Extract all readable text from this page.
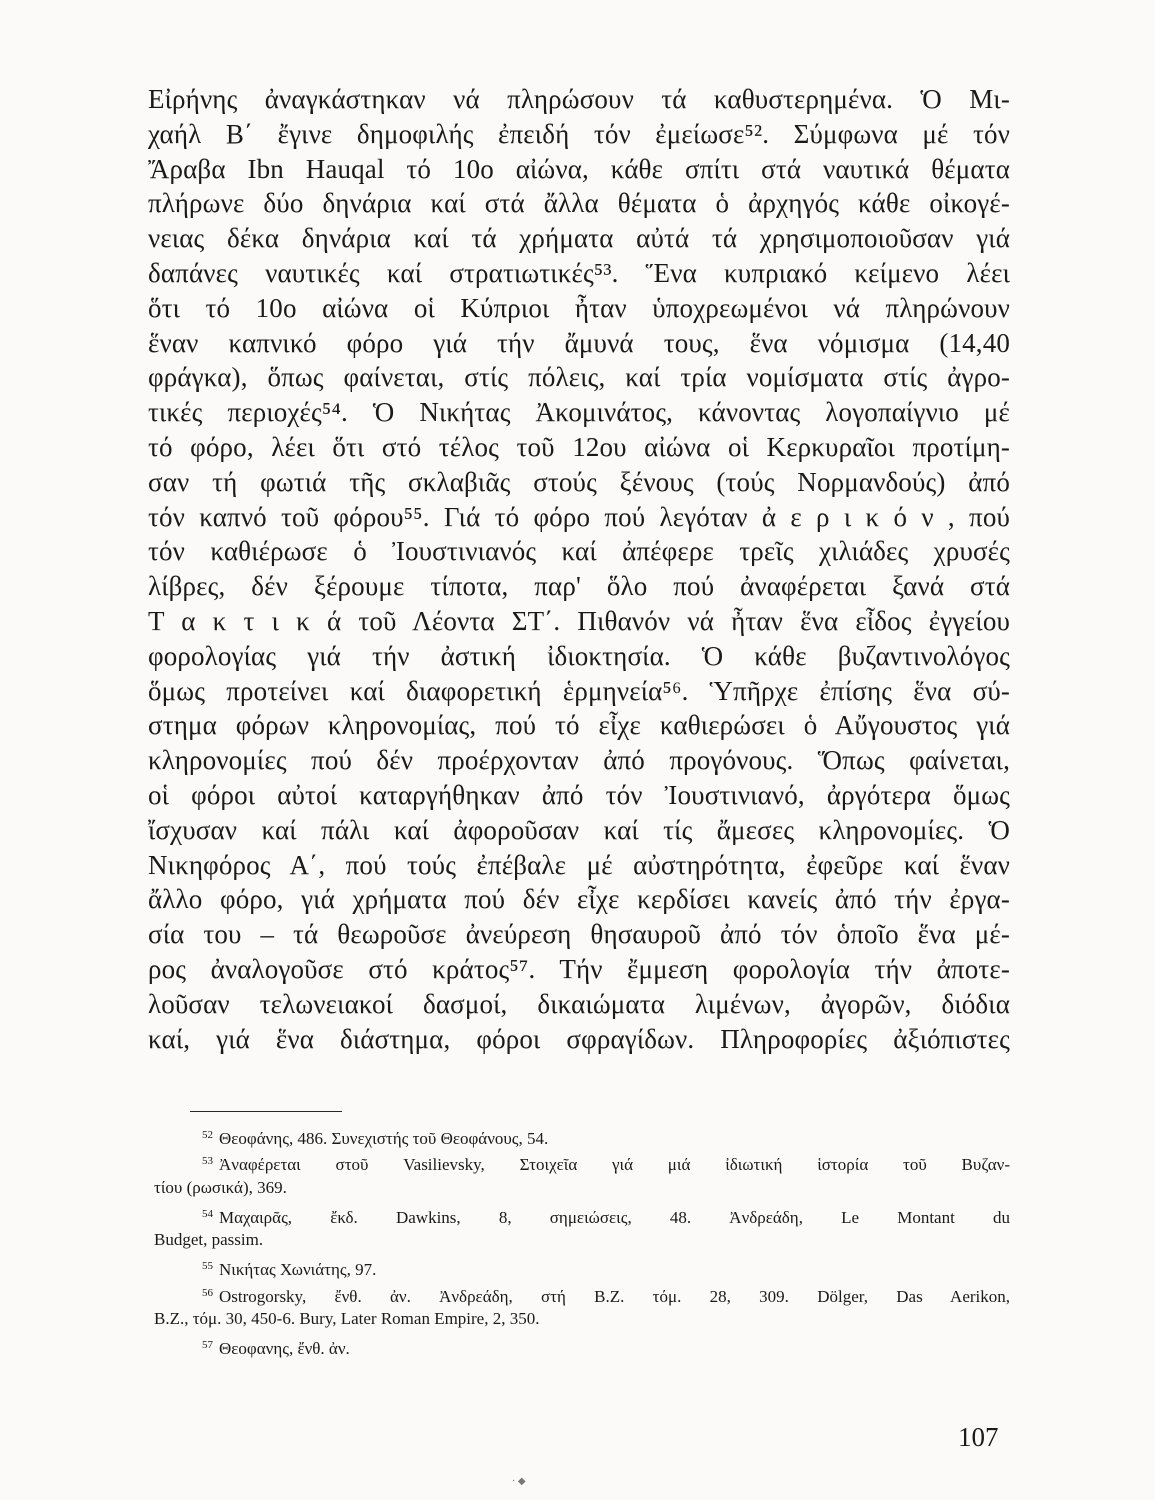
Εἰρήνης ἀναγκάστηκαν νά πληρώσουν τά καθυστερημένα. Ὁ Μι-
χαήλ Β΄ ἔγινε δημοφιλής ἐπειδή τόν ἐμείωσε⁵². Σύμφωνα μέ τόν
Ἄραβα Ibn Hauqal τό 10ο αἰώνα, κάθε σπίτι στά ναυτικά θέματα
πλήρωνε δύο δηνάρια καί στά ἄλλα θέματα ὁ ἀρχηγός κάθε οἰκογέ-
νειας δέκα δηνάρια καί τά χρήματα αὐτά τά χρησιμοποιοῦσαν γιά
δαπάνες ναυτικές καί στρατιωτικές⁵³. Ἕνα κυπριακό κείμενο λέει
ὅτι τό 10ο αἰώνα οἱ Κύπριοι ἦταν ὑποχρεωμένοι νά πληρώνουν
ἕναν καπνικό φόρο γιά τήν ἄμυνά τους, ἕνα νόμισμα (14,40
φράγκα), ὅπως φαίνεται, στίς πόλεις, καί τρία νομίσματα στίς ἀγρο-
τικές περιοχές⁵⁴. Ὁ Νικήτας Ἀκομινάτος, κάνοντας λογοπαίγνιο μέ
τό φόρο, λέει ὅτι στό τέλος τοῦ 12ου αἰώνα οἱ Κερκυραῖοι προτίμη-
σαν τή φωτιά τῆς σκλαβιᾶς στούς ξένους (τούς Νορμανδούς) ἀπό
τόν καπνό τοῦ φόρου⁵⁵. Γιά τό φόρο πού λεγόταν ἀ ε ρ ι κ ό ν , πού
τόν καθιέρωσε ὁ Ἰουστινιανός καί ἀπέφερε τρεῖς χιλιάδες χρυσές
λίβρες, δέν ξέρουμε τίποτα, παρ' ὅλο πού ἀναφέρεται ξανά στά
Τ α κ τ ι κ ά τοῦ Λέοντα ΣΤ΄. Πιθανόν νά ἦταν ἕνα εἶδος ἐγγείου
φορολογίας γιά τήν ἀστική ἰδιοκτησία. Ὁ κάθε βυζαντινολόγος
ὅμως προτείνει καί διαφορετική ἑρμηνεία⁵⁶. Ὑπῆρχε ἐπίσης ἕνα σύ-
στημα φόρων κληρονομίας, πού τό εἶχε καθιερώσει ὁ Αὔγουστος γιά
κληρονομίες πού δέν προέρχονταν ἀπό προγόνους. Ὅπως φαίνεται,
οἱ φόροι αὐτοί καταργήθηκαν ἀπό τόν Ἰουστινιανό, ἀργότερα ὅμως
ἴσχυσαν καί πάλι καί ἀφοροῦσαν καί τίς ἄμεσες κληρονομίες. Ὁ
Νικηφόρος Α΄, πού τούς ἐπέβαλε μέ αὐστηρότητα, ἐφεῦρε καί ἕναν
ἄλλο φόρο, γιά χρήματα πού δέν εἶχε κερδίσει κανείς ἀπό τήν ἐργα-
σία του – τά θεωροῦσε ἀνεύρεση θησαυροῦ ἀπό τόν ὁποῖο ἕνα μέ-
ρος ἀναλογοῦσε στό κράτος⁵⁷. Τήν ἔμμεση φορολογία τήν ἀποτε-
λοῦσαν τελωνειακοί δασμοί, δικαιώματα λιμένων, ἀγορῶν, διόδια
καί, γιά ἕνα διάστημα, φόροι σφραγίδων. Πληροφορίες ἀξιόπιστες
$^{52}$ Θεοφάνης, 486. Συνεχιστής τοῦ Θεοφάνους, 54.
$^{53}$ Ἀναφέρεται στοῦ Vasilievsky, Στοιχεῖα γιά μιά ἰδιωτική ἱστορία τοῦ Βυζαν-
τίου (ρωσικά), 369.
$^{54}$ Μαχαιρᾶς, ἔκδ. Dawkins, 8, σημειώσεις, 48. Ἀνδρεάδη, Le Montant du
Budget, passim.
$^{55}$ Νικήτας Χωνιάτης, 97.
$^{56}$ Ostrogorsky, ἔνθ. ἀν. Ἀνδρεάδη, στή B.Z. τόμ. 28, 309. Dölger, Das Aerikon,
B.Z., τόμ. 30, 450-6. Bury, Later Roman Empire, 2, 350.
$^{57}$ Θεοφανης, ἔνθ. ἀν.
107
· ◆
